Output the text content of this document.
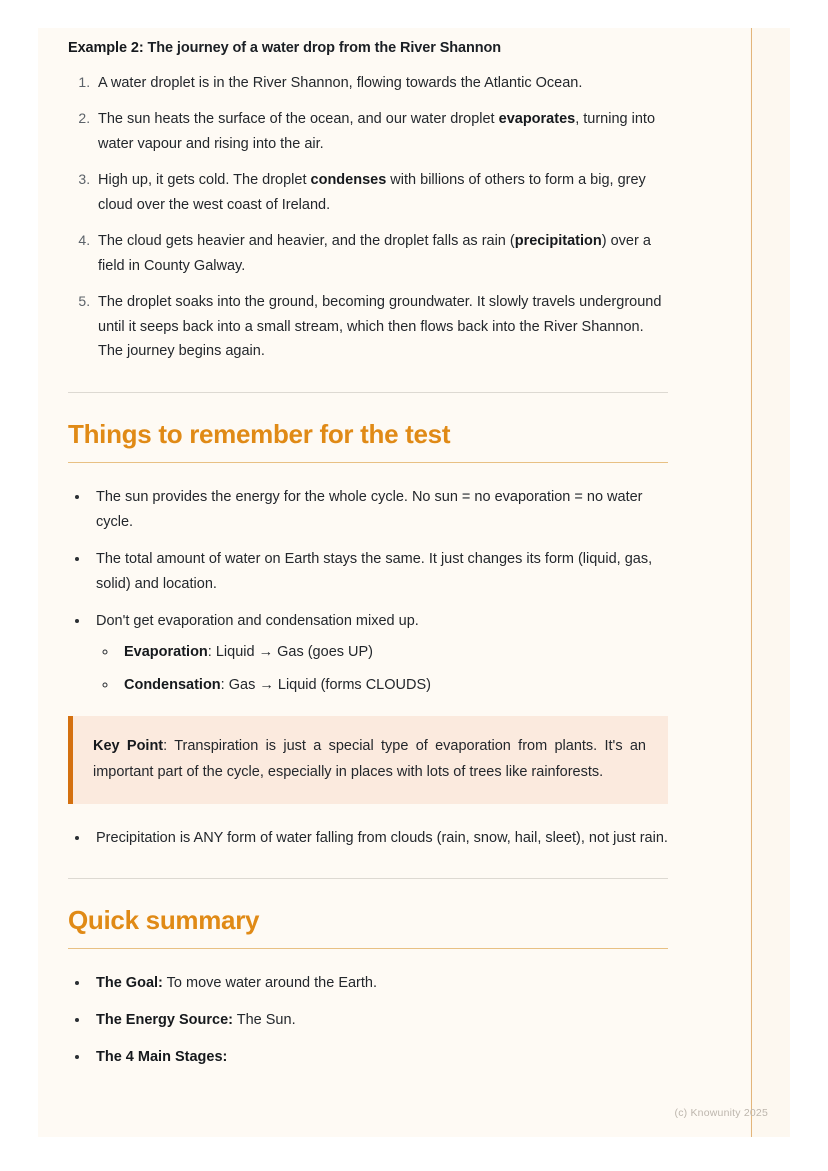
Example 2: The journey of a water drop from the River Shannon

1. A water droplet is in the River Shannon, flowing towards the Atlantic Ocean.
2. The sun heats the surface of the ocean, and our water droplet evaporates, turning into water vapour and rising into the air.
3. High up, it gets cold. The droplet condenses with billions of others to form a big, grey cloud over the west coast of Ireland.
4. The cloud gets heavier and heavier, and the droplet falls as rain (precipitation) over a field in County Galway.
5. The droplet soaks into the ground, becoming groundwater. It slowly travels underground until it seeps back into a small stream, which then flows back into the River Shannon. The journey begins again.
Things to remember for the test
• The sun provides the energy for the whole cycle. No sun = no evaporation = no water cycle.
• The total amount of water on Earth stays the same. It just changes its form (liquid, gas, solid) and location.
• Don't get evaporation and condensation mixed up.
◦ Evaporation: Liquid → Gas (goes UP)
◦ Condensation: Gas → Liquid (forms CLOUDS)
Key Point: Transpiration is just a special type of evaporation from plants. It's an important part of the cycle, especially in places with lots of trees like rainforests.
• Precipitation is ANY form of water falling from clouds (rain, snow, hail, sleet), not just rain.
Quick summary
• The Goal: To move water around the Earth.
• The Energy Source: The Sun.
• The 4 Main Stages:
(c) Knowunity 2025
